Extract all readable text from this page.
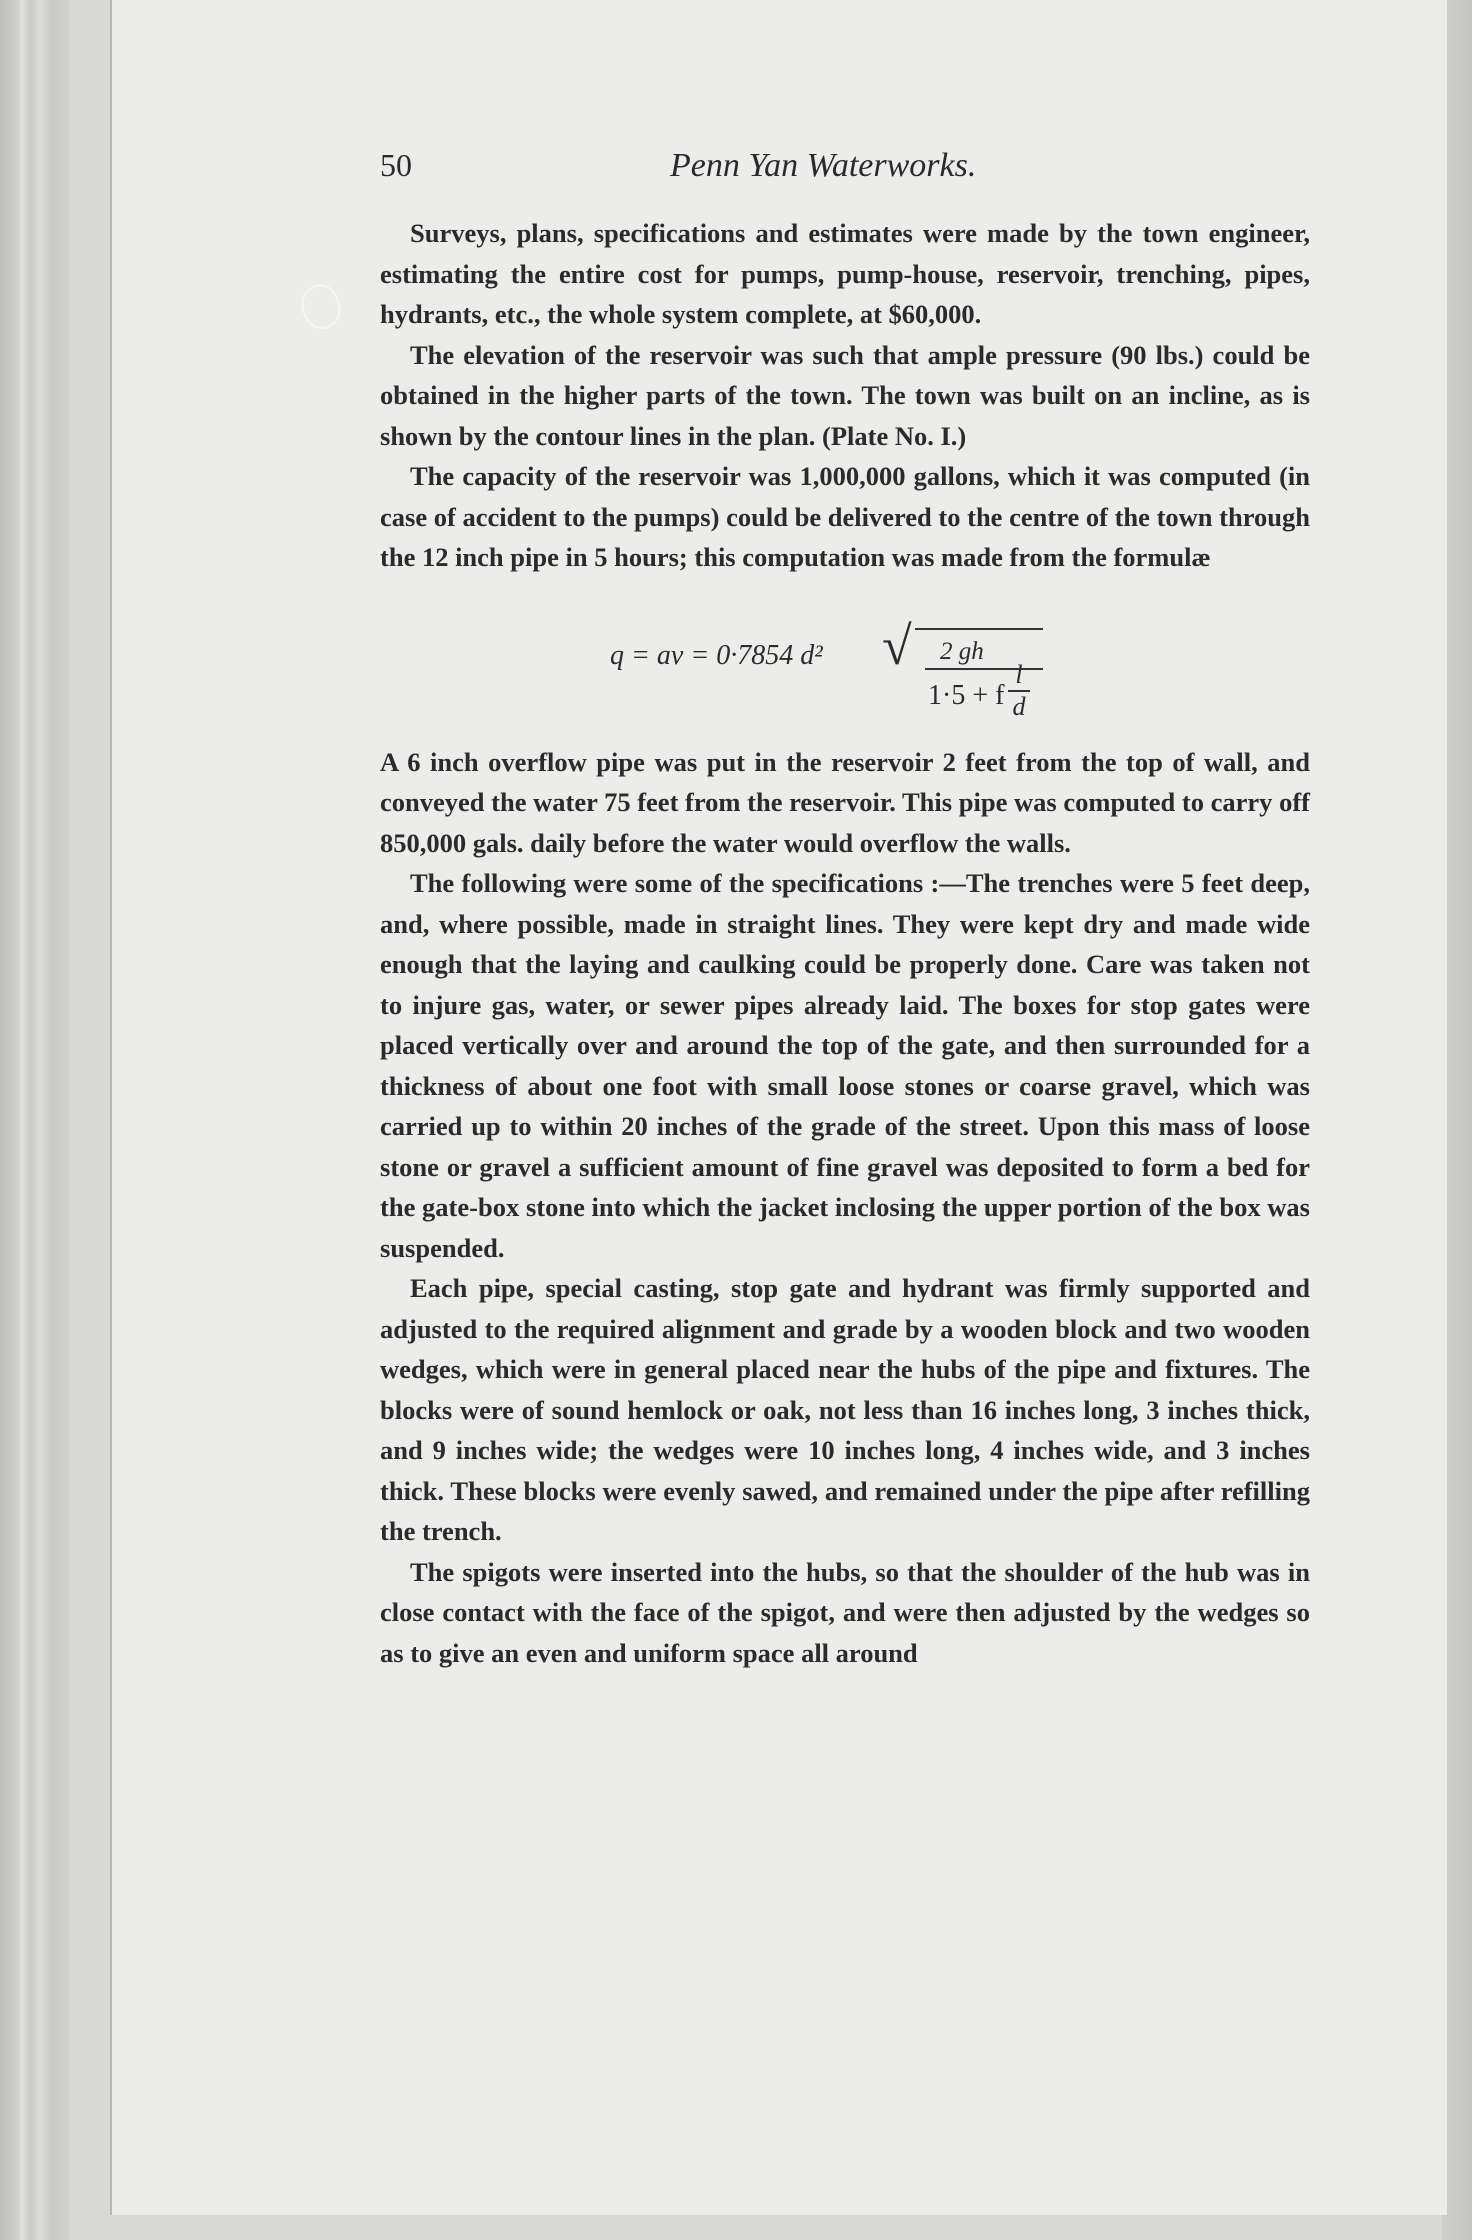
50	Penn Yan Waterworks.

Surveys, plans, specifications and estimates were made by the town engineer, estimating the entire cost for pumps, pump-house, reservoir, trenching, pipes, hydrants, etc., the whole system complete, at $60,000.

The elevation of the reservoir was such that ample pressure (90 lbs.) could be obtained in the higher parts of the town. The town was built on an incline, as is shown by the contour lines in the plan. (Plate No. I.)

The capacity of the reservoir was 1,000,000 gallons, which it was computed (in case of accident to the pumps) could be delivered to the centre of the town through the 12 inch pipe in 5 hours; this computation was made from the formulæ

q = av = 0·7854 d² √ 2 gh
1·5 + f
l
d

A 6 inch overflow pipe was put in the reservoir 2 feet from the top of wall, and conveyed the water 75 feet from the reservoir. This pipe was computed to carry off 850,000 gals. daily before the water would overflow the walls.

The following were some of the specifications :—The trenches were 5 feet deep, and, where possible, made in straight lines. They were kept dry and made wide enough that the laying and caulking could be properly done. Care was taken not to injure gas, water, or sewer pipes already laid. The boxes for stop gates were placed vertically over and around the top of the gate, and then surrounded for a thickness of about one foot with small loose stones or coarse gravel, which was carried up to within 20 inches of the grade of the street. Upon this mass of loose stone or gravel a sufficient amount of fine gravel was deposited to form a bed for the gate-box stone into which the jacket inclosing the upper portion of the box was suspended.

Each pipe, special casting, stop gate and hydrant was firmly supported and adjusted to the required alignment and grade by a wooden block and two wooden wedges, which were in general placed near the hubs of the pipe and fixtures. The blocks were of sound hemlock or oak, not less than 16 inches long, 3 inches thick, and 9 inches wide; the wedges were 10 inches long, 4 inches wide, and 3 inches thick. These blocks were evenly sawed, and remained under the pipe after refilling the trench.

The spigots were inserted into the hubs, so that the shoulder of the hub was in close contact with the face of the spigot, and were then adjusted by the wedges so as to give an even and uniform space all around
